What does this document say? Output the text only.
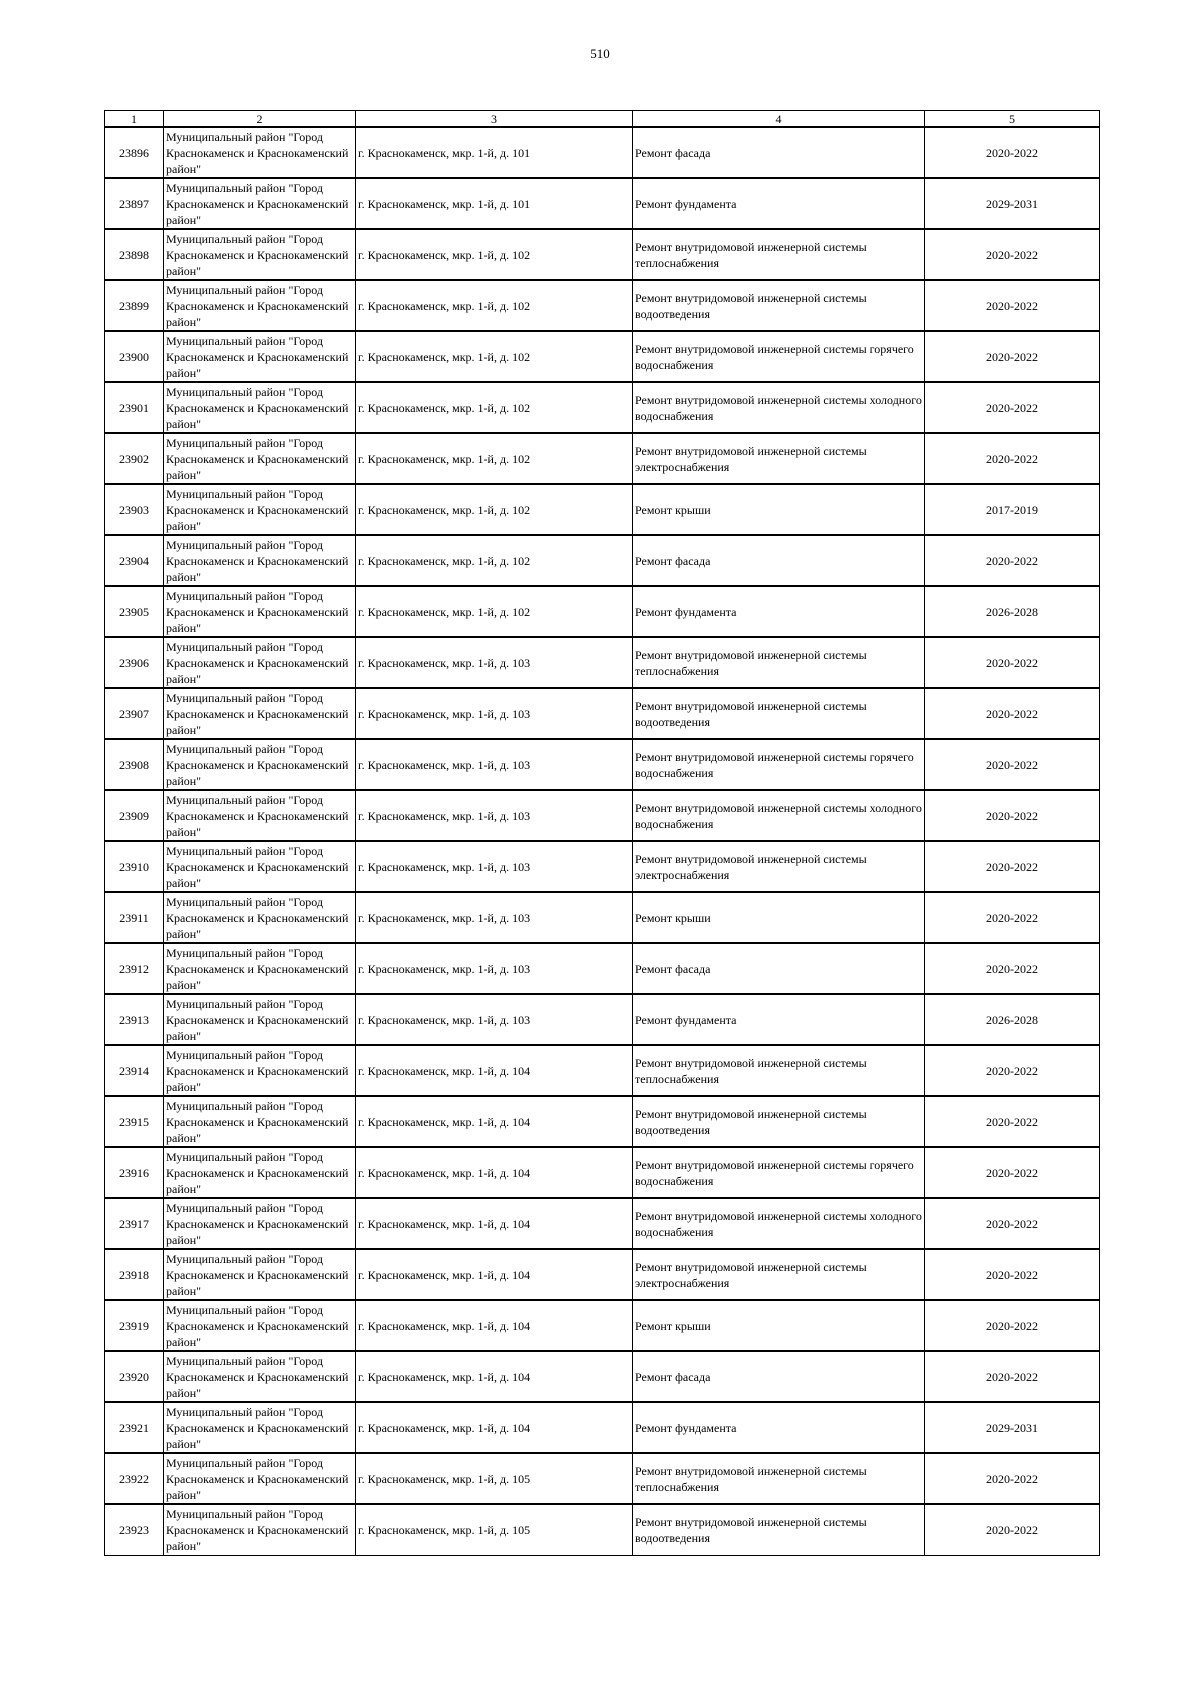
510
1	2	3	4	5
23896	Муниципальный район "Город Краснокаменск и Краснокаменский район"	г. Краснокаменск, мкр. 1-й, д. 101	Ремонт фасада	2020-2022
23897	Муниципальный район "Город Краснокаменск и Краснокаменский район"	г. Краснокаменск, мкр. 1-й, д. 101	Ремонт фундамента	2029-2031
23898	Муниципальный район "Город Краснокаменск и Краснокаменский район"	г. Краснокаменск, мкр. 1-й, д. 102	Ремонт внутридомовой инженерной системы теплоснабжения	2020-2022
23899	Муниципальный район "Город Краснокаменск и Краснокаменский район"	г. Краснокаменск, мкр. 1-й, д. 102	Ремонт внутридомовой инженерной системы водоотведения	2020-2022
23900	Муниципальный район "Город Краснокаменск и Краснокаменский район"	г. Краснокаменск, мкр. 1-й, д. 102	Ремонт внутридомовой инженерной системы горячего водоснабжения	2020-2022
23901	Муниципальный район "Город Краснокаменск и Краснокаменский район"	г. Краснокаменск, мкр. 1-й, д. 102	Ремонт внутридомовой инженерной системы холодного водоснабжения	2020-2022
23902	Муниципальный район "Город Краснокаменск и Краснокаменский район"	г. Краснокаменск, мкр. 1-й, д. 102	Ремонт внутридомовой инженерной системы электроснабжения	2020-2022
23903	Муниципальный район "Город Краснокаменск и Краснокаменский район"	г. Краснокаменск, мкр. 1-й, д. 102	Ремонт крыши	2017-2019
23904	Муниципальный район "Город Краснокаменск и Краснокаменский район"	г. Краснокаменск, мкр. 1-й, д. 102	Ремонт фасада	2020-2022
23905	Муниципальный район "Город Краснокаменск и Краснокаменский район"	г. Краснокаменск, мкр. 1-й, д. 102	Ремонт фундамента	2026-2028
23906	Муниципальный район "Город Краснокаменск и Краснокаменский район"	г. Краснокаменск, мкр. 1-й, д. 103	Ремонт внутридомовой инженерной системы теплоснабжения	2020-2022
23907	Муниципальный район "Город Краснокаменск и Краснокаменский район"	г. Краснокаменск, мкр. 1-й, д. 103	Ремонт внутридомовой инженерной системы водоотведения	2020-2022
23908	Муниципальный район "Город Краснокаменск и Краснокаменский район"	г. Краснокаменск, мкр. 1-й, д. 103	Ремонт внутридомовой инженерной системы горячего водоснабжения	2020-2022
23909	Муниципальный район "Город Краснокаменск и Краснокаменский район"	г. Краснокаменск, мкр. 1-й, д. 103	Ремонт внутридомовой инженерной системы холодного водоснабжения	2020-2022
23910	Муниципальный район "Город Краснокаменск и Краснокаменский район"	г. Краснокаменск, мкр. 1-й, д. 103	Ремонт внутридомовой инженерной системы электроснабжения	2020-2022
23911	Муниципальный район "Город Краснокаменск и Краснокаменский район"	г. Краснокаменск, мкр. 1-й, д. 103	Ремонт крыши	2020-2022
23912	Муниципальный район "Город Краснокаменск и Краснокаменский район"	г. Краснокаменск, мкр. 1-й, д. 103	Ремонт фасада	2020-2022
23913	Муниципальный район "Город Краснокаменск и Краснокаменский район"	г. Краснокаменск, мкр. 1-й, д. 103	Ремонт фундамента	2026-2028
23914	Муниципальный район "Город Краснокаменск и Краснокаменский район"	г. Краснокаменск, мкр. 1-й, д. 104	Ремонт внутридомовой инженерной системы теплоснабжения	2020-2022
23915	Муниципальный район "Город Краснокаменск и Краснокаменский район"	г. Краснокаменск, мкр. 1-й, д. 104	Ремонт внутридомовой инженерной системы водоотведения	2020-2022
23916	Муниципальный район "Город Краснокаменск и Краснокаменский район"	г. Краснокаменск, мкр. 1-й, д. 104	Ремонт внутридомовой инженерной системы горячего водоснабжения	2020-2022
23917	Муниципальный район "Город Краснокаменск и Краснокаменский район"	г. Краснокаменск, мкр. 1-й, д. 104	Ремонт внутридомовой инженерной системы холодного водоснабжения	2020-2022
23918	Муниципальный район "Город Краснокаменск и Краснокаменский район"	г. Краснокаменск, мкр. 1-й, д. 104	Ремонт внутридомовой инженерной системы электроснабжения	2020-2022
23919	Муниципальный район "Город Краснокаменск и Краснокаменский район"	г. Краснокаменск, мкр. 1-й, д. 104	Ремонт крыши	2020-2022
23920	Муниципальный район "Город Краснокаменск и Краснокаменский район"	г. Краснокаменск, мкр. 1-й, д. 104	Ремонт фасада	2020-2022
23921	Муниципальный район "Город Краснокаменск и Краснокаменский район"	г. Краснокаменск, мкр. 1-й, д. 104	Ремонт фундамента	2029-2031
23922	Муниципальный район "Город Краснокаменск и Краснокаменский район"	г. Краснокаменск, мкр. 1-й, д. 105	Ремонт внутридомовой инженерной системы теплоснабжения	2020-2022
23923	Муниципальный район "Город Краснокаменск и Краснокаменский район"	г. Краснокаменск, мкр. 1-й, д. 105	Ремонт внутридомовой инженерной системы водоотведения	2020-2022
